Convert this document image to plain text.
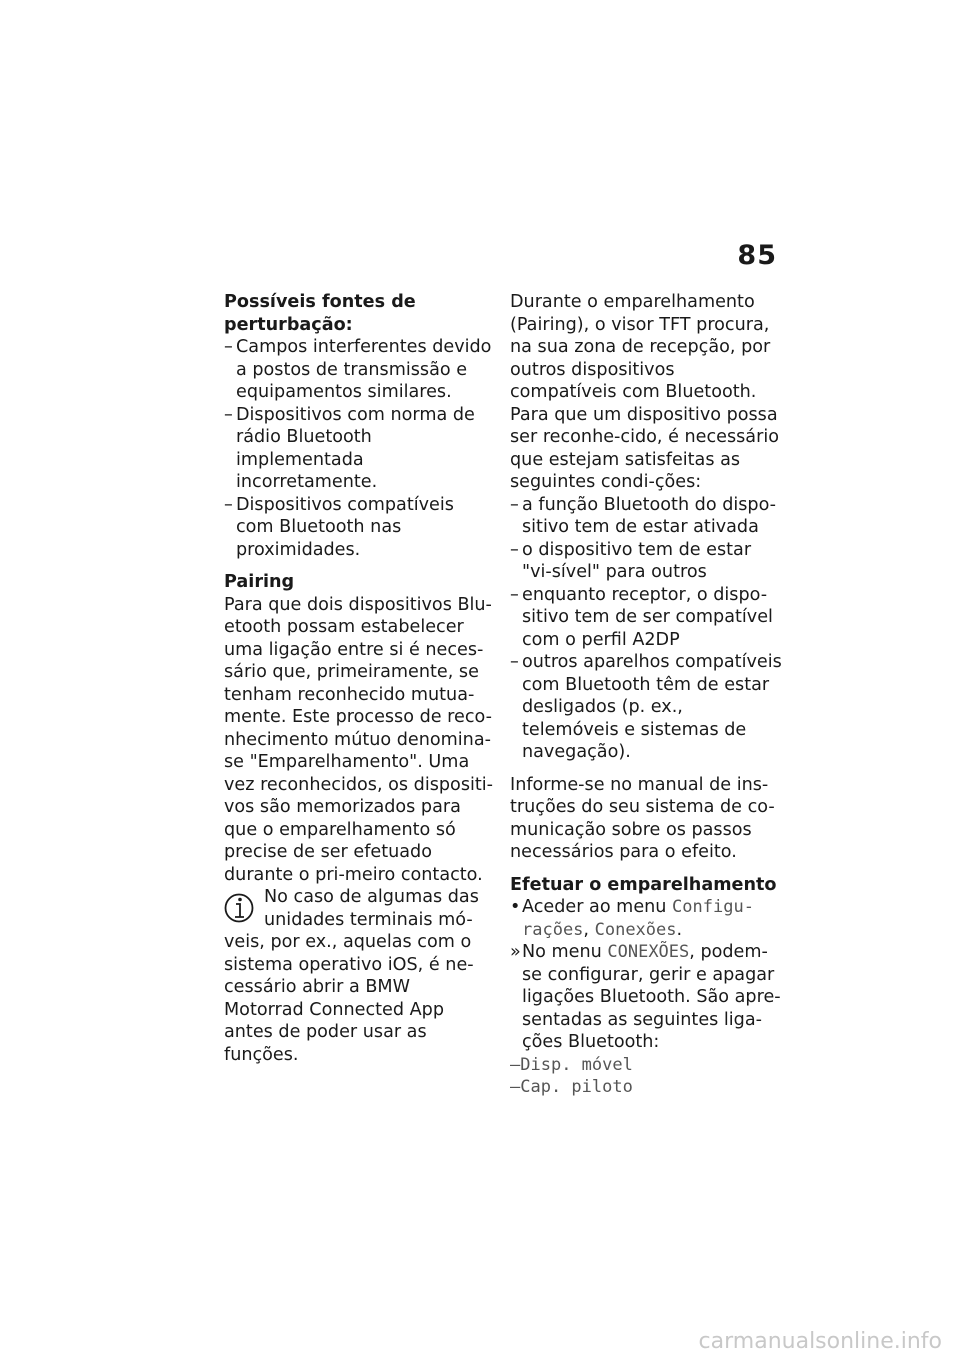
85

Possíveis fontes de perturbação:

– Campos interferentes devido a postos de transmissão e equipamentos similares.
– Dispositivos com norma de rádio Bluetooth implementada incorretamente.
– Dispositivos compatíveis com Bluetooth nas proximidades.

Pairing

Para que dois dispositivos Blu-etooth possam estabelecer uma ligação entre si é neces-sário que, primeiramente, se tenham reconhecido mutua-mente. Este processo de reco-nhecimento mútuo denomina-se "Emparelhamento". Uma vez reconhecidos, os dispositi-vos são memorizados para que o emparelhamento só precise de ser efetuado durante o pri-meiro contacto.

No caso de algumas das unidades terminais mó-veis, por ex., aquelas com o sistema operativo iOS, é ne-cessário abrir a BMW Motorrad Connected App antes de poder usar as funções.

Durante o emparelhamento (Pairing), o visor TFT procura, na sua zona de recepção, por outros dispositivos compatíveis com Bluetooth. Para que um dispositivo possa ser reconhe-cido, é necessário que estejam satisfeitas as seguintes condi-ções:

– a função Bluetooth do dispo-sitivo tem de estar ativada
– o dispositivo tem de estar "vi-sível" para outros
– enquanto receptor, o dispo-sitivo tem de ser compatível com o perfil A2DP
– outros aparelhos compatíveis com Bluetooth têm de estar desligados (p. ex., telemóveis e sistemas de navegação).

Informe-se no manual de ins-truções do seu sistema de co-municação sobre os passos necessários para o efeito.

Efetuar o emparelhamento

• Aceder ao menu Configu-rações, Conexões.
» No menu CONEXÕES, podem-se configurar, gerir e apagar ligações Bluetooth. São apre-sentadas as seguintes liga-ções Bluetooth:
–Disp. móvel
–Cap. piloto
carmanualsonline.info
